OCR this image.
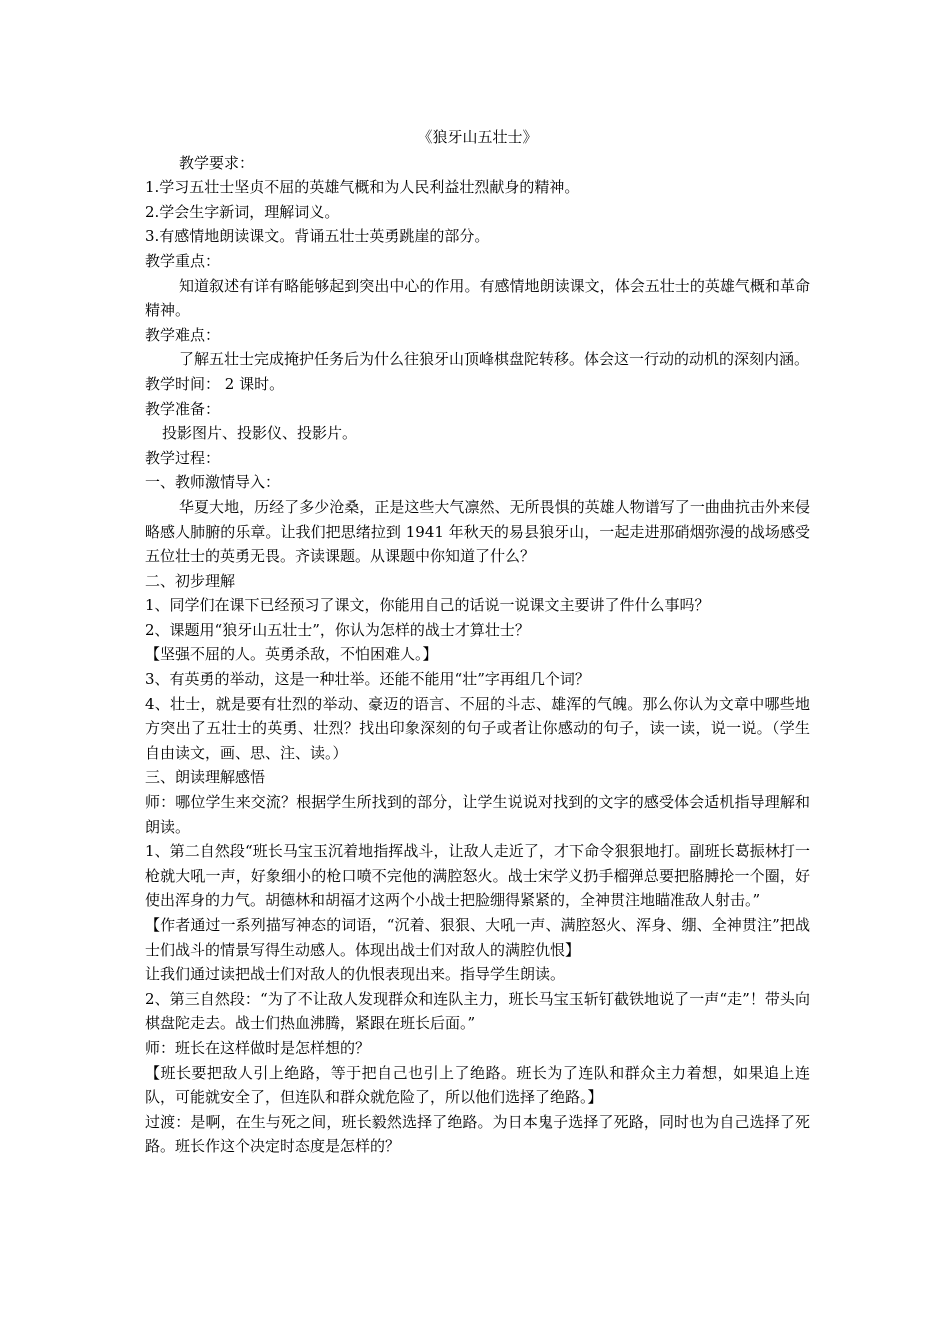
《狼牙山五壮士》
教学要求：
1.学习五壮士坚贞不屈的英雄气概和为人民利益壮烈献身的精神。
2.学会生字新词，理解词义。
3.有感情地朗读课文。背诵五壮士英勇跳崖的部分。
教学重点：
知道叙述有详有略能够起到突出中心的作用。有感情地朗读课文，体会五壮士的英雄气概和革命精神。
教学难点：
了解五壮士完成掩护任务后为什么往狼牙山顶峰棋盘陀转移。体会这一行动的动机的深刻内涵。
教学时间： 2 课时。
教学准备：
投影图片、投影仪、投影片。
教学过程：
一、教师激情导入：
华夏大地，历经了多少沧桑，正是这些大气凛然、无所畏惧的英雄人物谱写了一曲曲抗击外来侵略感人肺腑的乐章。让我们把思绪拉到 1941 年秋天的易县狼牙山，一起走进那硝烟弥漫的战场感受五位壮士的英勇无畏。齐读课题。从课题中你知道了什么？
二、初步理解
1、同学们在课下已经预习了课文，你能用自己的话说一说课文主要讲了件什么事吗？
2、课题用“狼牙山五壮士”，你认为怎样的战士才算壮士？
【坚强不屈的人。英勇杀敌，不怕困难人。】
3、有英勇的举动，这是一种壮举。还能不能用“壮”字再组几个词？
4、壮士，就是要有壮烈的举动、豪迈的语言、不屈的斗志、雄浑的气魄。那么你认为文章中哪些地方突出了五壮士的英勇、壮烈？找出印象深刻的句子或者让你感动的句子，读一读，说一说。（学生自由读文，画、思、注、读。）
三、朗读理解感悟
师：哪位学生来交流？根据学生所找到的部分，让学生说说对找到的文字的感受体会适机指导理解和朗读。
1、第二自然段“班长马宝玉沉着地指挥战斗，让敌人走近了，才下命令狠狠地打。副班长葛振林打一枪就大吼一声，好象细小的枪口喷不完他的满腔怒火。战士宋学义扔手榴弹总要把胳膊抡一个圈，好使出浑身的力气。胡德林和胡福才这两个小战士把脸绷得紧紧的，全神贯注地瞄准敌人射击。”
【作者通过一系列描写神态的词语，“沉着、狠狠、大吼一声、满腔怒火、浑身、绷、全神贯注”把战士们战斗的情景写得生动感人。体现出战士们对敌人的满腔仇恨】
让我们通过读把战士们对敌人的仇恨表现出来。指导学生朗读。
2、第三自然段：“为了不让敌人发现群众和连队主力，班长马宝玉斩钉截铁地说了一声“走”！带头向棋盘陀走去。战士们热血沸腾，紧跟在班长后面。”
师：班长在这样做时是怎样想的？
【班长要把敌人引上绝路，等于把自己也引上了绝路。班长为了连队和群众主力着想，如果追上连队，可能就安全了，但连队和群众就危险了，所以他们选择了绝路。】
过渡：是啊，在生与死之间，班长毅然选择了绝路。为日本鬼子选择了死路，同时也为自己选择了死路。班长作这个决定时态度是怎样的？
